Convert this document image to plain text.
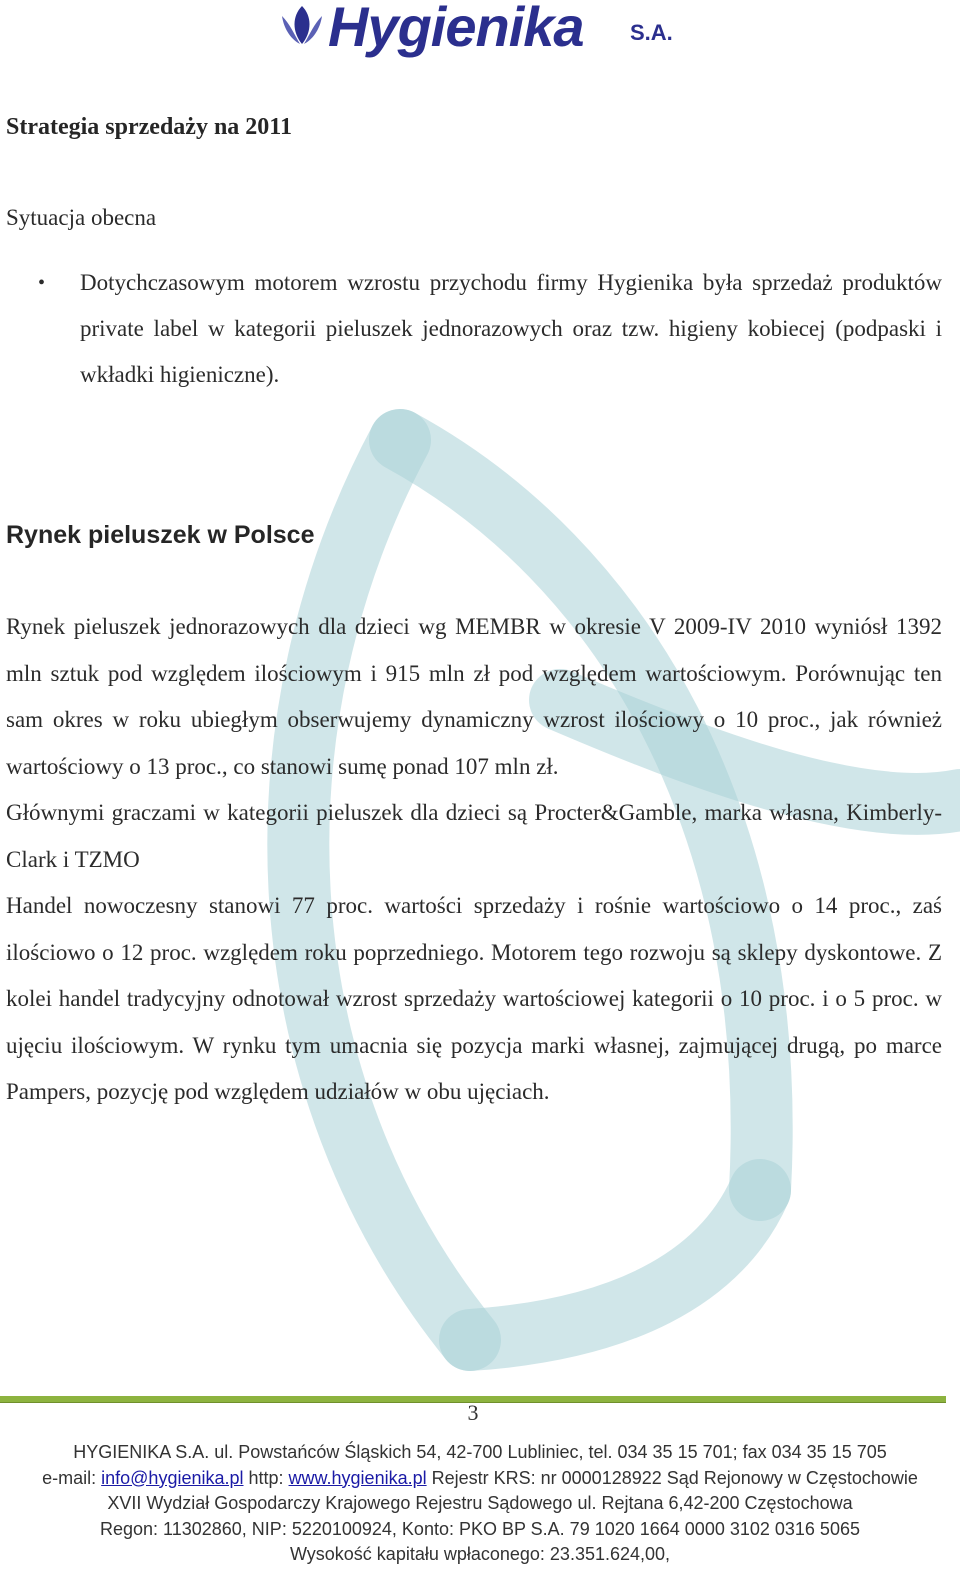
Hygienika S.A.
Strategia sprzedaży na 2011
Sytuacja obecna
• Dotychczasowym motorem wzrostu przychodu firmy Hygienika była sprzedaż produktów private label w kategorii pieluszek jednorazowych oraz tzw. higieny kobiecej (podpaski i wkładki higieniczne).
Rynek pieluszek w Polsce

Rynek pieluszek jednorazowych dla dzieci wg MEMBR w okresie V 2009-IV 2010 wyniósł 1392 mln sztuk pod względem ilościowym i 915 mln zł pod względem wartościowym. Porównując ten sam okres w roku ubiegłym obserwujemy dynamiczny wzrost ilościowy o 10 proc., jak również wartościowy o 13 proc., co stanowi sumę ponad 107 mln zł.

Głównymi graczami w kategorii pieluszek dla dzieci są Procter&Gamble, marka własna, Kimberly-Clark i TZMO

Handel nowoczesny stanowi 77 proc. wartości sprzedaży i rośnie wartościowo o 14 proc., zaś ilościowo o 12 proc. względem roku poprzedniego. Motorem tego rozwoju są sklepy dyskontowe. Z kolei handel tradycyjny odnotował wzrost sprzedaży wartościowej kategorii o 10 proc. i o 5 proc. w ujęciu ilościowym. W rynku tym umacnia się pozycja marki własnej, zajmującej drugą, po marce Pampers, pozycję pod względem udziałów w obu ujęciach.

3
HYGIENIKA S.A. ul. Powstańców Śląskich 54, 42-700 Lubliniec, tel. 034 35 15 701; fax 034 35 15 705
e-mail: info@hygienika.pl http: www.hygienika.pl Rejestr KRS: nr 0000128922 Sąd Rejonowy w Częstochowie
XVII Wydział Gospodarczy Krajowego Rejestru Sądowego ul. Rejtana 6,42-200 Częstochowa
Regon: 11302860, NIP: 5220100924, Konto: PKO BP S.A. 79 1020 1664 0000 3102 0316 5065
Wysokość kapitału wpłaconego: 23.351.624,00,
